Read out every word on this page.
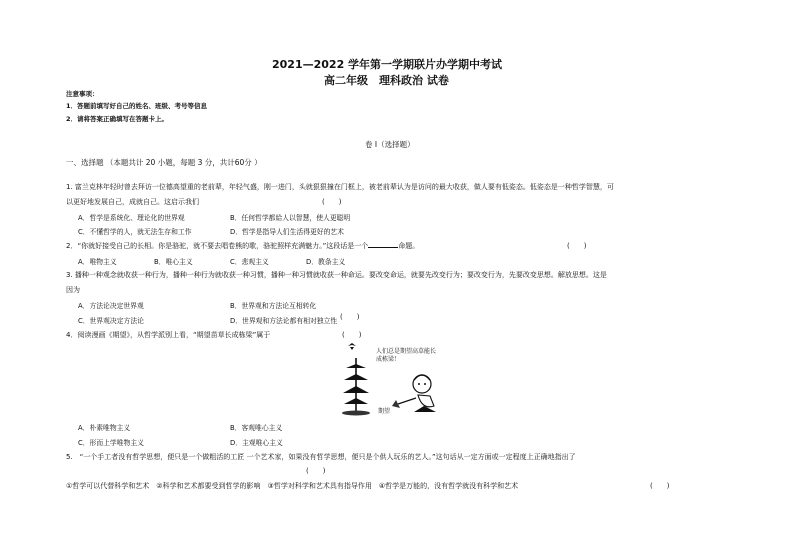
2021—2022 学年第一学期联片办学期中考试
高二年级　理科政治 试卷
注意事项：
1．答题前填写好自己的姓名、班级、考号等信息
2．请将答案正确填写在答题卡上。
卷 I（选择题）
一、选择题 （本题共计 20 小题，每题 3 分，共计60分 ）
1. 富兰克林年轻时曾去拜访一位德高望重的老前辈，年轻气盛，刚一进门，头就狠狠撞在门框上，被老前辈认为是访问的最大收获，做人要有低姿态。低姿态是一种哲学智慧，可
以更好地发展自己，成就自己。这启示我们	(　　)
A．哲学是系统化、理论化的世界观	B．任何哲学都給人以智慧，使人更聪明
C．不懂哲学的人，就无法生存和工作	D．哲学是指导人们生活得更好的艺术
2．“你就好接受自己的长相。你是骆驼，就不要去唱卷熊的歌，骆驼照样充满魅力。”这段话是一个	命题。	(　　)
A．唯物主义	B．唯心主义	C．悲观主义	D．教条主义
3. 播种一种观念就收获一种行为，播种一种行为就收获一种习惯，播种一种习惯就收获一种命运。要改变命运，就要先改变行为；要改变行为，先要改变思想。解放思想。这是
因为
(　　)
A．方法论决定世界观	B．世界观和方法论互相转化
C．世界观决定方法论	D．世界观和方法论都有相对独立性
4．阅读漫画《期望》，从哲学派别上看，“期望苗草长成栋梁”属于	(　　)
人们总是期望高草能长成栋梁！
期望
A．朴素唯物主义	B．客观唯心主义
C．形而上学唯物主义	D．主观唯心主义
5.　“一个手工者没有哲学思想，便只是一个做粗活的工匠 一个艺术家，如果没有哲学思想，便只是个供人玩乐的艺人。”这句话从一定方面或一定程度上正确地指出了
(　　)
①哲学可以代替科学和艺术　②科学和艺术都要受到哲学的影响　③哲学对科学和艺术具有指导作用　④哲学是万能的，没有哲学就没有科学和艺术	(　　)
